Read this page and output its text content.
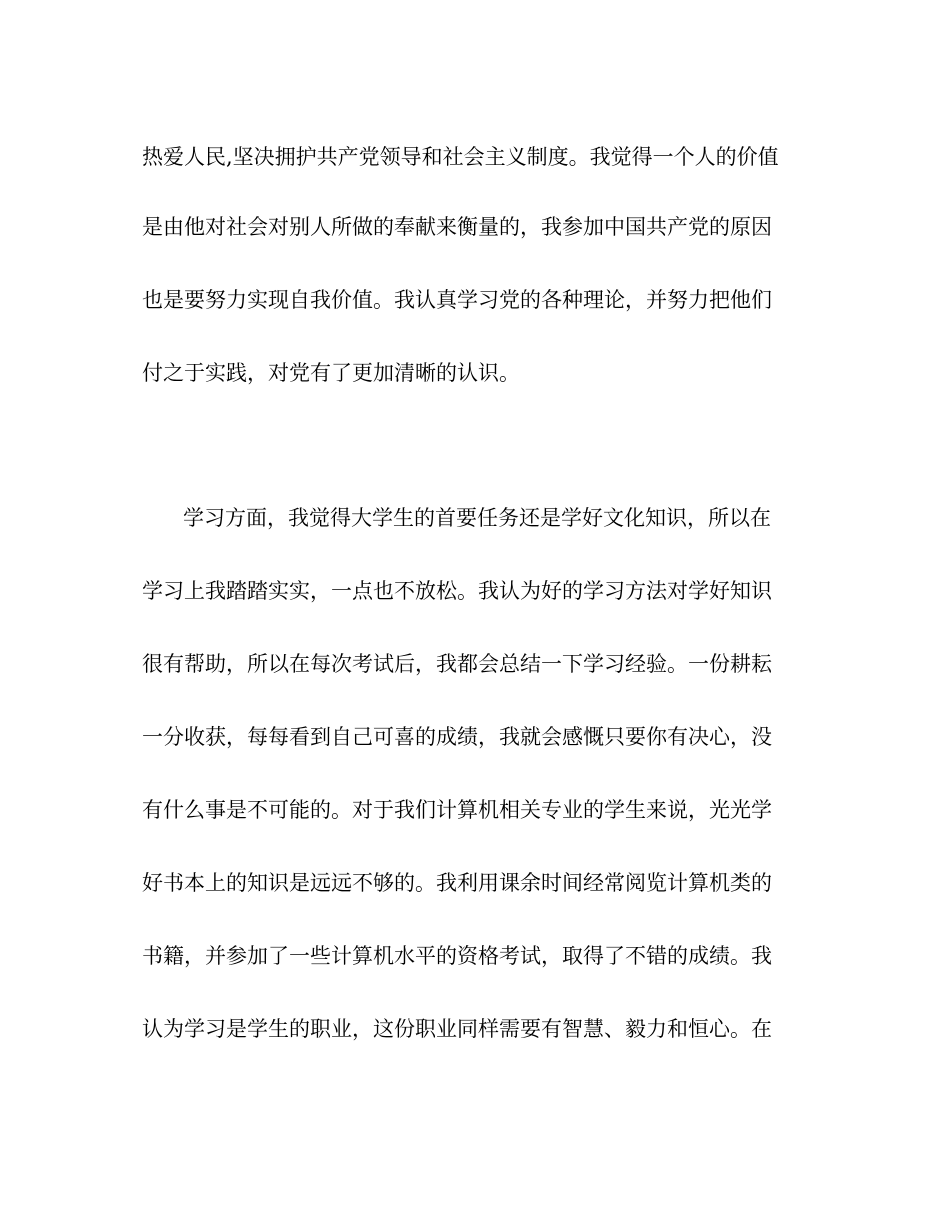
热爱人民,坚决拥护共产党领导和社会主义制度。我觉得一个人的价值

是由他对社会对别人所做的奉献来衡量的，我参加中国共产党的原因

也是要努力实现自我价值。我认真学习党的各种理论，并努力把他们

付之于实践，对党有了更加清晰的认识。

学习方面，我觉得大学生的首要任务还是学好文化知识，所以在

学习上我踏踏实实，一点也不放松。我认为好的学习方法对学好知识

很有帮助，所以在每次考试后，我都会总结一下学习经验。一份耕耘

一分收获，每每看到自己可喜的成绩，我就会感慨只要你有决心，没

有什么事是不可能的。对于我们计算机相关专业的学生来说，光光学

好书本上的知识是远远不够的。我利用课余时间经常阅览计算机类的

书籍，并参加了一些计算机水平的资格考试，取得了不错的成绩。我

认为学习是学生的职业，这份职业同样需要有智慧、毅力和恒心。在
